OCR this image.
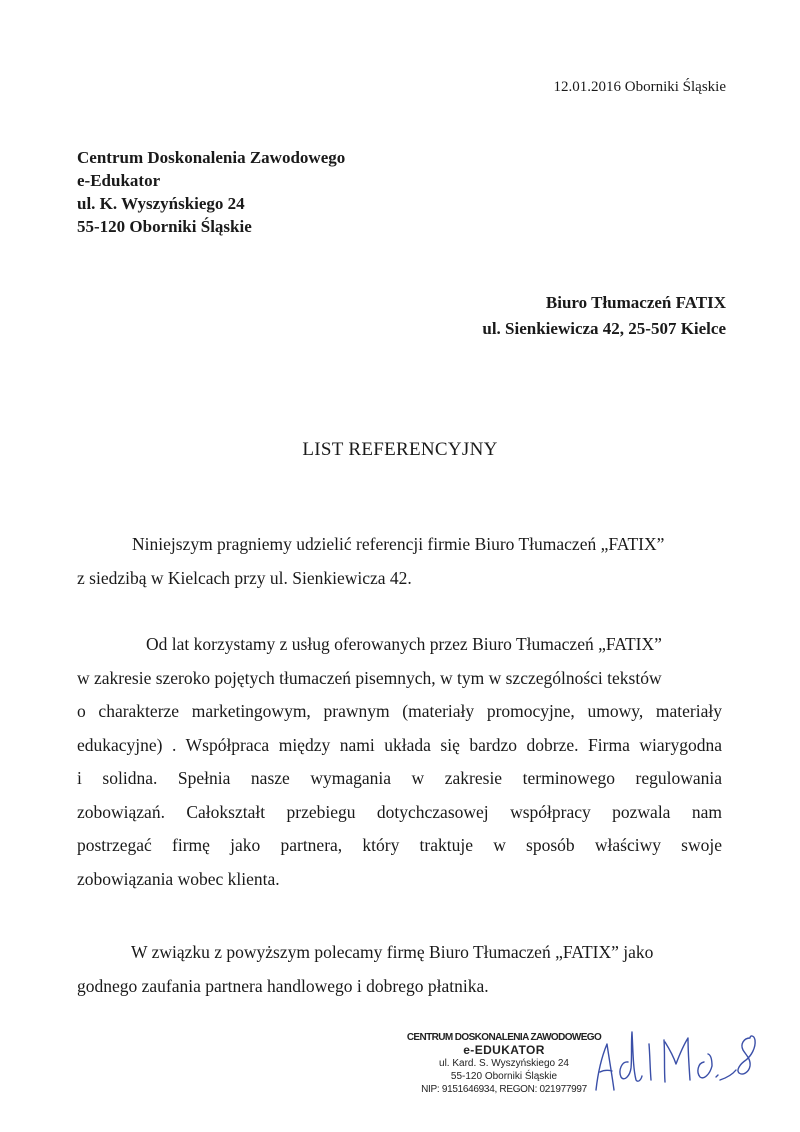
12.01.2016 Oborniki Śląskie
Centrum Doskonalenia Zawodowego
e-Edukator
ul. K. Wyszyńskiego 24
55-120 Oborniki Śląskie
Biuro Tłumaczeń FATIX
ul. Sienkiewicza 42, 25-507 Kielce
LIST REFERENCYJNY
Niniejszym pragniemy udzielić referencji firmie Biuro Tłumaczeń „FATIX”
z siedzibą w Kielcach przy ul. Sienkiewicza 42.
Od lat korzystamy z usług oferowanych przez Biuro Tłumaczeń „FATIX”
w zakresie szeroko pojętych tłumaczeń pisemnych, w tym w szczególności tekstów
o charakterze marketingowym, prawnym (materiały promocyjne, umowy, materiały
edukacyjne) . Współpraca między nami układa się bardzo dobrze. Firma wiarygodna
i solidna. Spełnia nasze wymagania w zakresie terminowego regulowania
zobowiązań. Całokształt przebiegu dotychczasowej współpracy pozwala nam
postrzegać firmę jako partnera, który traktuje w sposób właściwy swoje
zobowiązania wobec klienta.
W związku z powyższym polecamy firmę Biuro Tłumaczeń „FATIX” jako
godnego zaufania partnera handlowego i dobrego płatnika.
CENTRUM DOSKONALENIA ZAWODOWEGO
e-EDUKATOR
ul. Kard. S. Wyszyńskiego 24
55-120 Oborniki Śląskie
NIP: 9151646934, REGON: 021977997
